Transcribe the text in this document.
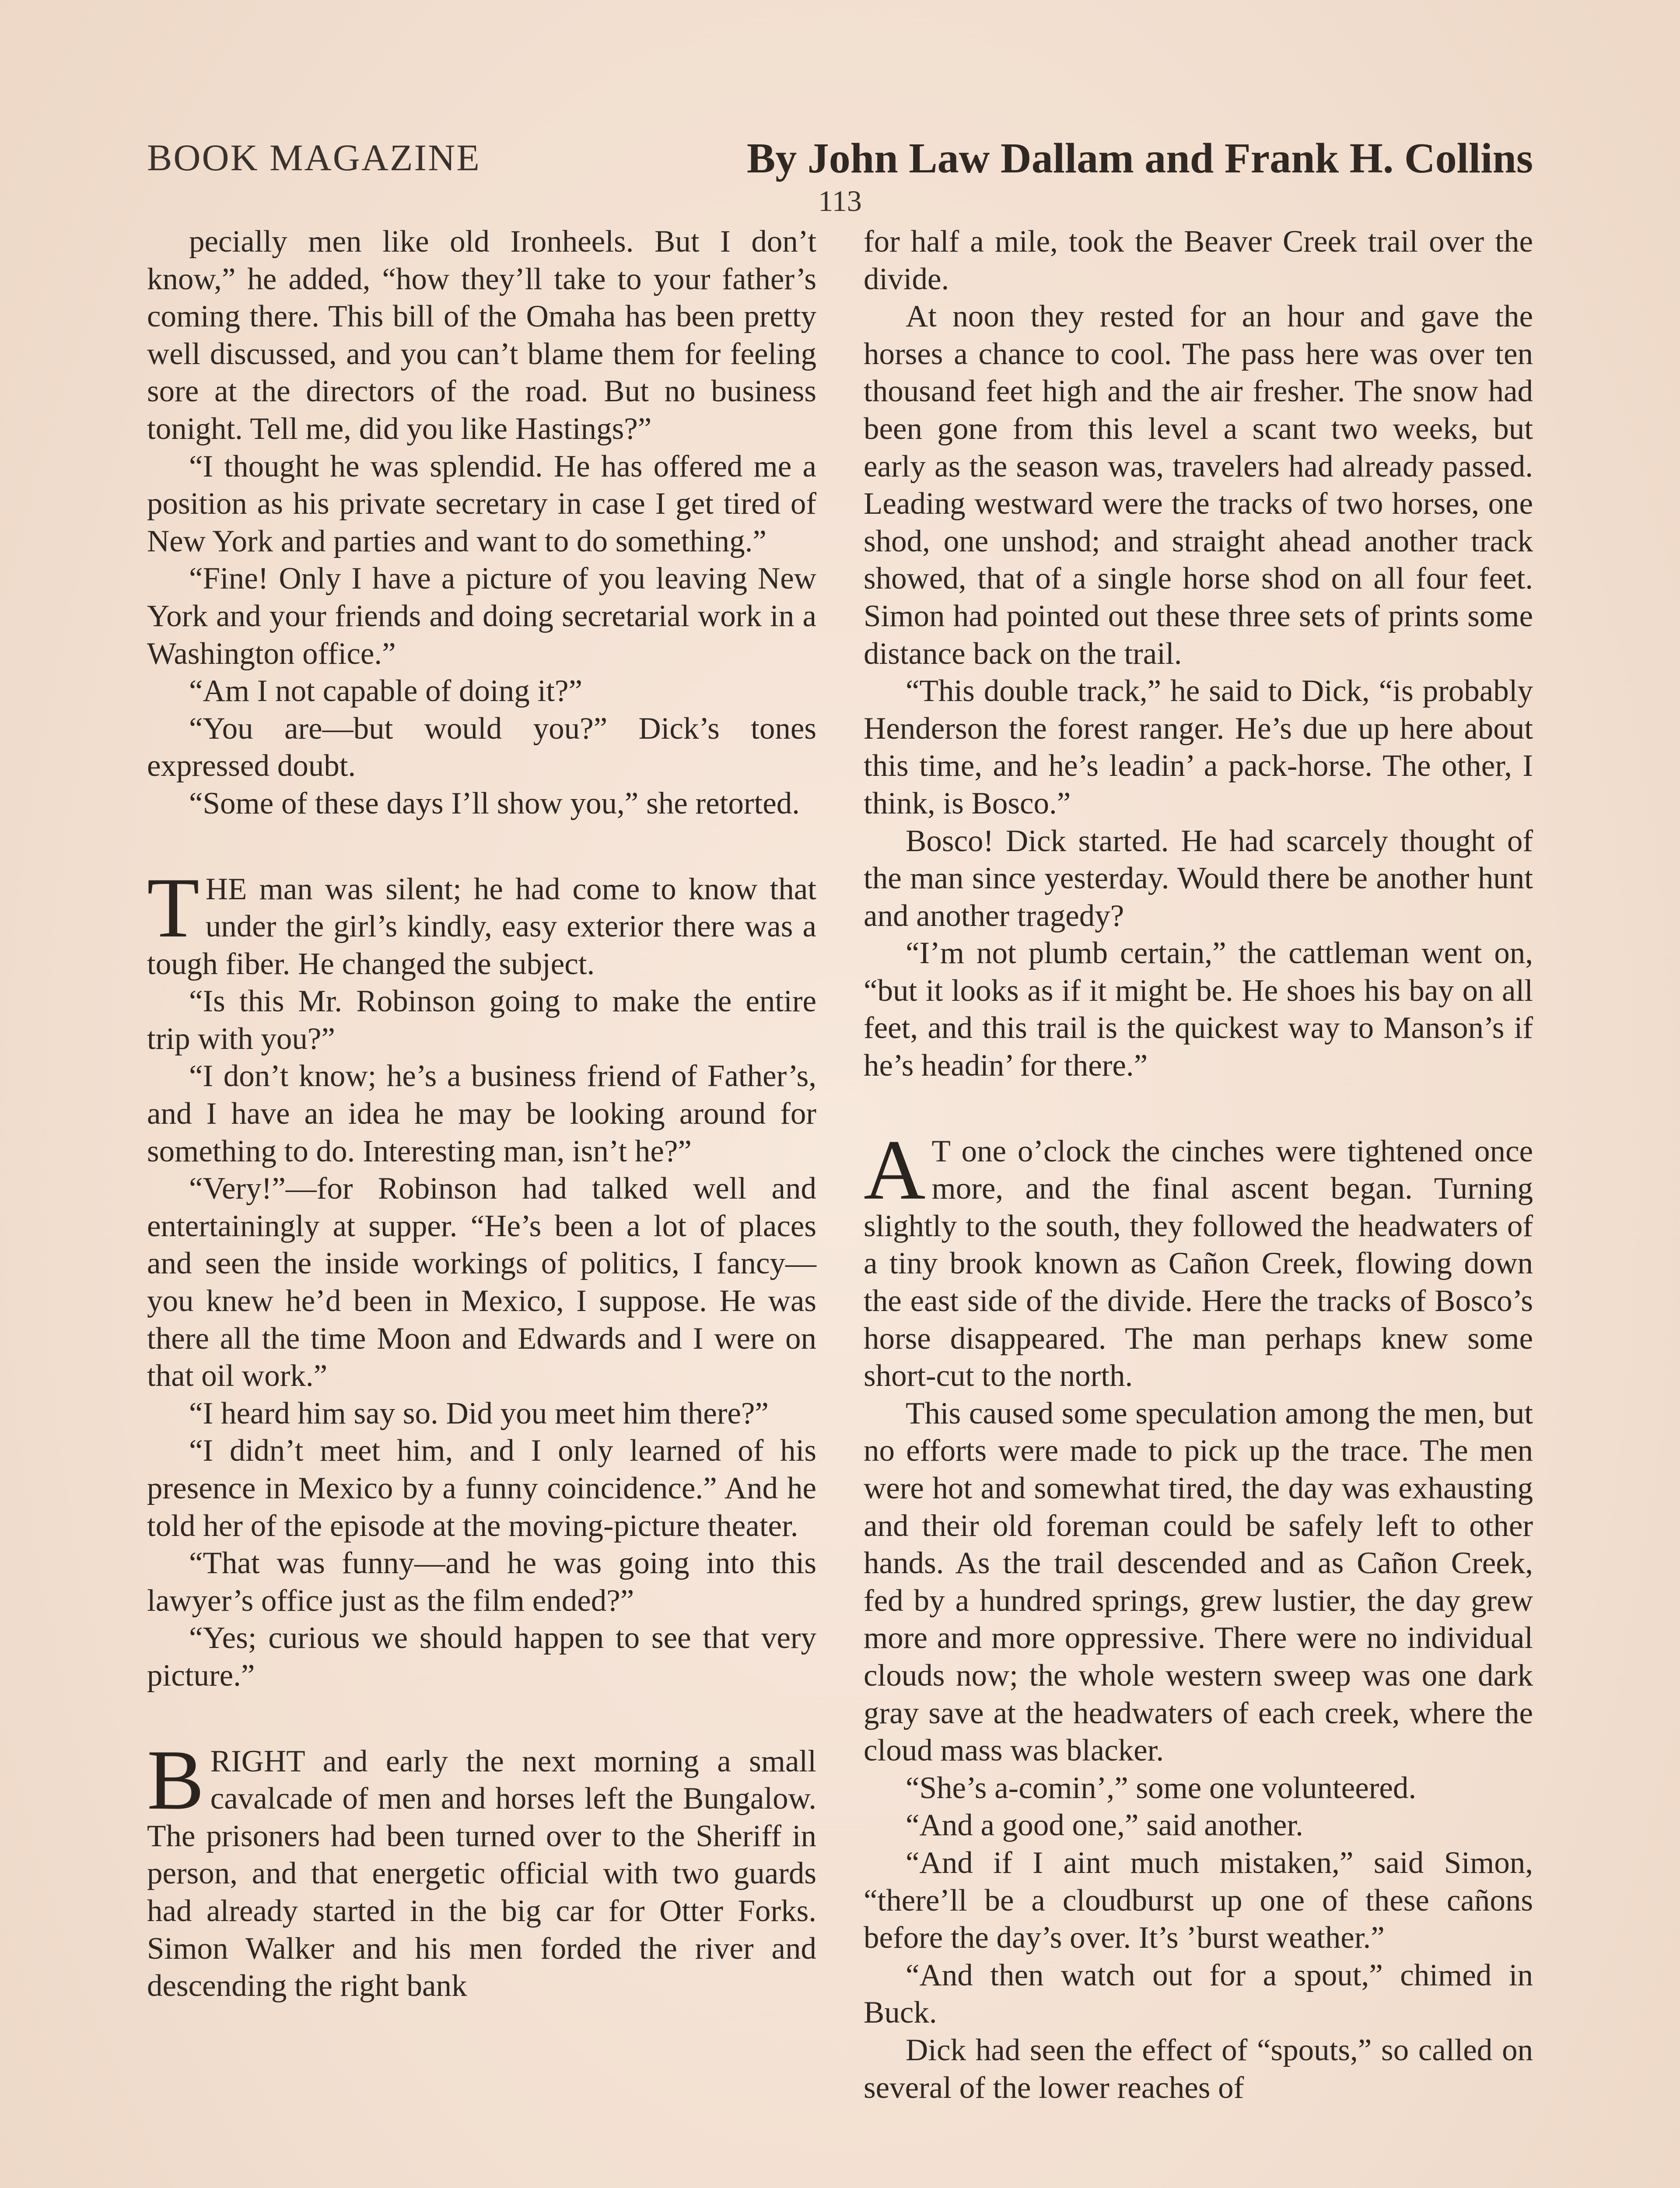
BOOK MAGAZINE	By John Law Dallam and Frank H. Collins
113

pecially men like old Ironheels. But I don’t know,” he added, “how they’ll take to your father’s coming there. This bill of the Omaha has been pretty well discussed, and you can’t blame them for feeling sore at the directors of the road. But no business tonight. Tell me, did you like Hastings?”

“I thought he was splendid. He has offered me a position as his private secretary in case I get tired of New York and parties and want to do something.”

“Fine! Only I have a picture of you leaving New York and your friends and doing secretarial work in a Washington office.”

“Am I not capable of doing it?”

“You are—but would you?” Dick’s tones expressed doubt.

“Some of these days I’ll show you,” she retorted.

THE man was silent; he had come to know that under the girl’s kindly, easy exterior there was a tough fiber. He changed the subject.

“Is this Mr. Robinson going to make the entire trip with you?”

“I don’t know; he’s a business friend of Father’s, and I have an idea he may be looking around for something to do. Interesting man, isn’t he?”

“Very!”—for Robinson had talked well and entertainingly at supper. “He’s been a lot of places and seen the inside workings of politics, I fancy—you knew he’d been in Mexico, I suppose. He was there all the time Moon and Edwards and I were on that oil work.”

“I heard him say so. Did you meet him there?”

“I didn’t meet him, and I only learned of his presence in Mexico by a funny coincidence.” And he told her of the episode at the moving-picture theater.

“That was funny—and he was going into this lawyer’s office just as the film ended?”

“Yes; curious we should happen to see that very picture.”

BRIGHT and early the next morning a small cavalcade of men and horses left the Bungalow. The prisoners had been turned over to the Sheriff in person, and that energetic official with two guards had already started in the big car for Otter Forks. Simon Walker and his men forded the river and descending the right bank

for half a mile, took the Beaver Creek trail over the divide.

At noon they rested for an hour and gave the horses a chance to cool. The pass here was over ten thousand feet high and the air fresher. The snow had been gone from this level a scant two weeks, but early as the season was, travelers had already passed. Leading westward were the tracks of two horses, one shod, one unshod; and straight ahead another track showed, that of a single horse shod on all four feet. Simon had pointed out these three sets of prints some distance back on the trail.

“This double track,” he said to Dick, “is probably Henderson the forest ranger. He’s due up here about this time, and he’s leadin’ a pack-horse. The other, I think, is Bosco.”

Bosco! Dick started. He had scarcely thought of the man since yesterday. Would there be another hunt and another tragedy?

“I’m not plumb certain,” the cattleman went on, “but it looks as if it might be. He shoes his bay on all feet, and this trail is the quickest way to Manson’s if he’s headin’ for there.”

A T one o’clock the cinches were tightened once more, and the final ascent began. Turning slightly to the south, they followed the headwaters of a tiny brook known as Cañon Creek, flowing down the east side of the divide. Here the tracks of Bosco’s horse disappeared. The man perhaps knew some short-cut to the north.

This caused some speculation among the men, but no efforts were made to pick up the trace. The men were hot and somewhat tired, the day was exhausting and their old foreman could be safely left to other hands. As the trail descended and as Cañon Creek, fed by a hundred springs, grew lustier, the day grew more and more oppressive. There were no individual clouds now; the whole western sweep was one dark gray save at the headwaters of each creek, where the cloud mass was blacker.

“She’s a-comin’,” some one volunteered.

“And a good one,” said another.

“And if I aint much mistaken,” said Simon, “there’ll be a cloudburst up one of these cañons before the day’s over. It’s ’burst weather.”

“And then watch out for a spout,” chimed in Buck.

Dick had seen the effect of “spouts,” so called on several of the lower reaches of
